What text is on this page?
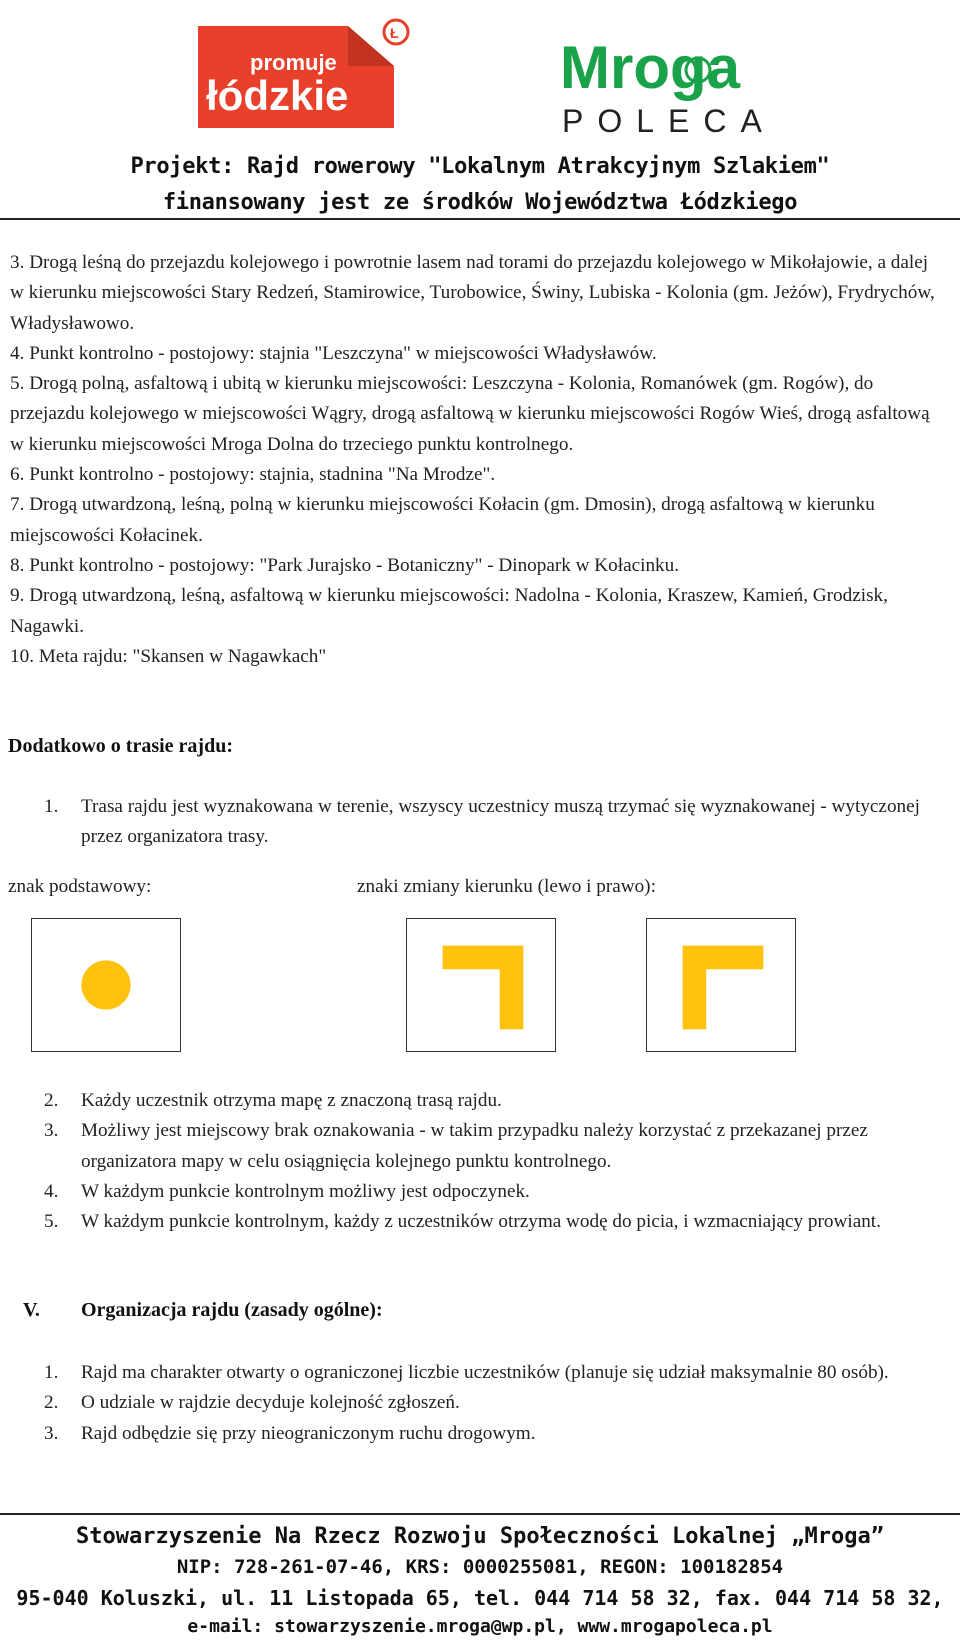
promuje
łódzkie
Ł
Mroga
POLECA
Projekt: Rajd rowerowy "Lokalnym Atrakcyjnym Szlakiem"
finansowany jest ze środków Województwa Łódzkiego

3. Drogą leśną do przejazdu kolejowego i powrotnie lasem nad torami do przejazdu kolejowego w Mikołajowie, a dalej w kierunku miejscowości Stary Redzeń, Stamirowice, Turobowice, Świny, Lubiska - Kolonia (gm. Jeżów), Frydrychów, Władysławowo.

4. Punkt kontrolno - postojowy: stajnia "Leszczyna" w miejscowości Władysławów.

5. Drogą polną, asfaltową i ubitą w kierunku miejscowości: Leszczyna - Kolonia, Romanówek (gm. Rogów), do przejazdu kolejowego w miejscowości Wągry, drogą asfaltową w kierunku miejscowości Rogów Wieś, drogą asfaltową w kierunku miejscowości Mroga Dolna do trzeciego punktu kontrolnego.

6. Punkt kontrolno - postojowy: stajnia, stadnina "Na Mrodze".

7. Drogą utwardzoną, leśną, polną w kierunku miejscowości Kołacin (gm. Dmosin), drogą asfaltową w kierunku miejscowości Kołacinek.

8. Punkt kontrolno - postojowy: "Park Jurajsko - Botaniczny" - Dinopark w Kołacinku.

9. Drogą utwardzoną, leśną, asfaltową w kierunku miejscowości: Nadolna - Kolonia, Kraszew, Kamień, Grodzisk, Nagawki.

10. Meta rajdu: "Skansen w Nagawkach"

Dodatkowo o trasie rajdu:
1.	Trasa rajdu jest wyznakowana w terenie, wszyscy uczestnicy muszą trzymać się wyznakowanej - wytyczonej przez organizatora trasy.
znak podstawowy:	znaki zmiany kierunku (lewo i prawo):
2.	Każdy uczestnik otrzyma mapę z znaczoną trasą rajdu.
3.	Możliwy jest miejscowy brak oznakowania - w takim przypadku należy korzystać z przekazanej przez organizatora mapy w celu osiągnięcia kolejnego punktu kontrolnego.
4.	W każdym punkcie kontrolnym możliwy jest odpoczynek.
5.	W każdym punkcie kontrolnym, każdy z uczestników otrzyma wodę do picia, i wzmacniający prowiant.
V. Organizacja rajdu (zasady ogólne):
1.	Rajd ma charakter otwarty o ograniczonej liczbie uczestników (planuje się udział maksymalnie 80 osób).
2.	O udziale w rajdzie decyduje kolejność zgłoszeń.
3.	Rajd odbędzie się przy nieograniczonym ruchu drogowym.
Stowarzyszenie Na Rzecz Rozwoju Społeczności Lokalnej „Mroga”
NIP: 728-261-07-46, KRS: 0000255081, REGON: 100182854
95-040 Koluszki, ul. 11 Listopada 65, tel. 044 714 58 32, fax. 044 714 58 32,
e-mail: stowarzyszenie.mroga@wp.pl, www.mrogapoleca.pl
